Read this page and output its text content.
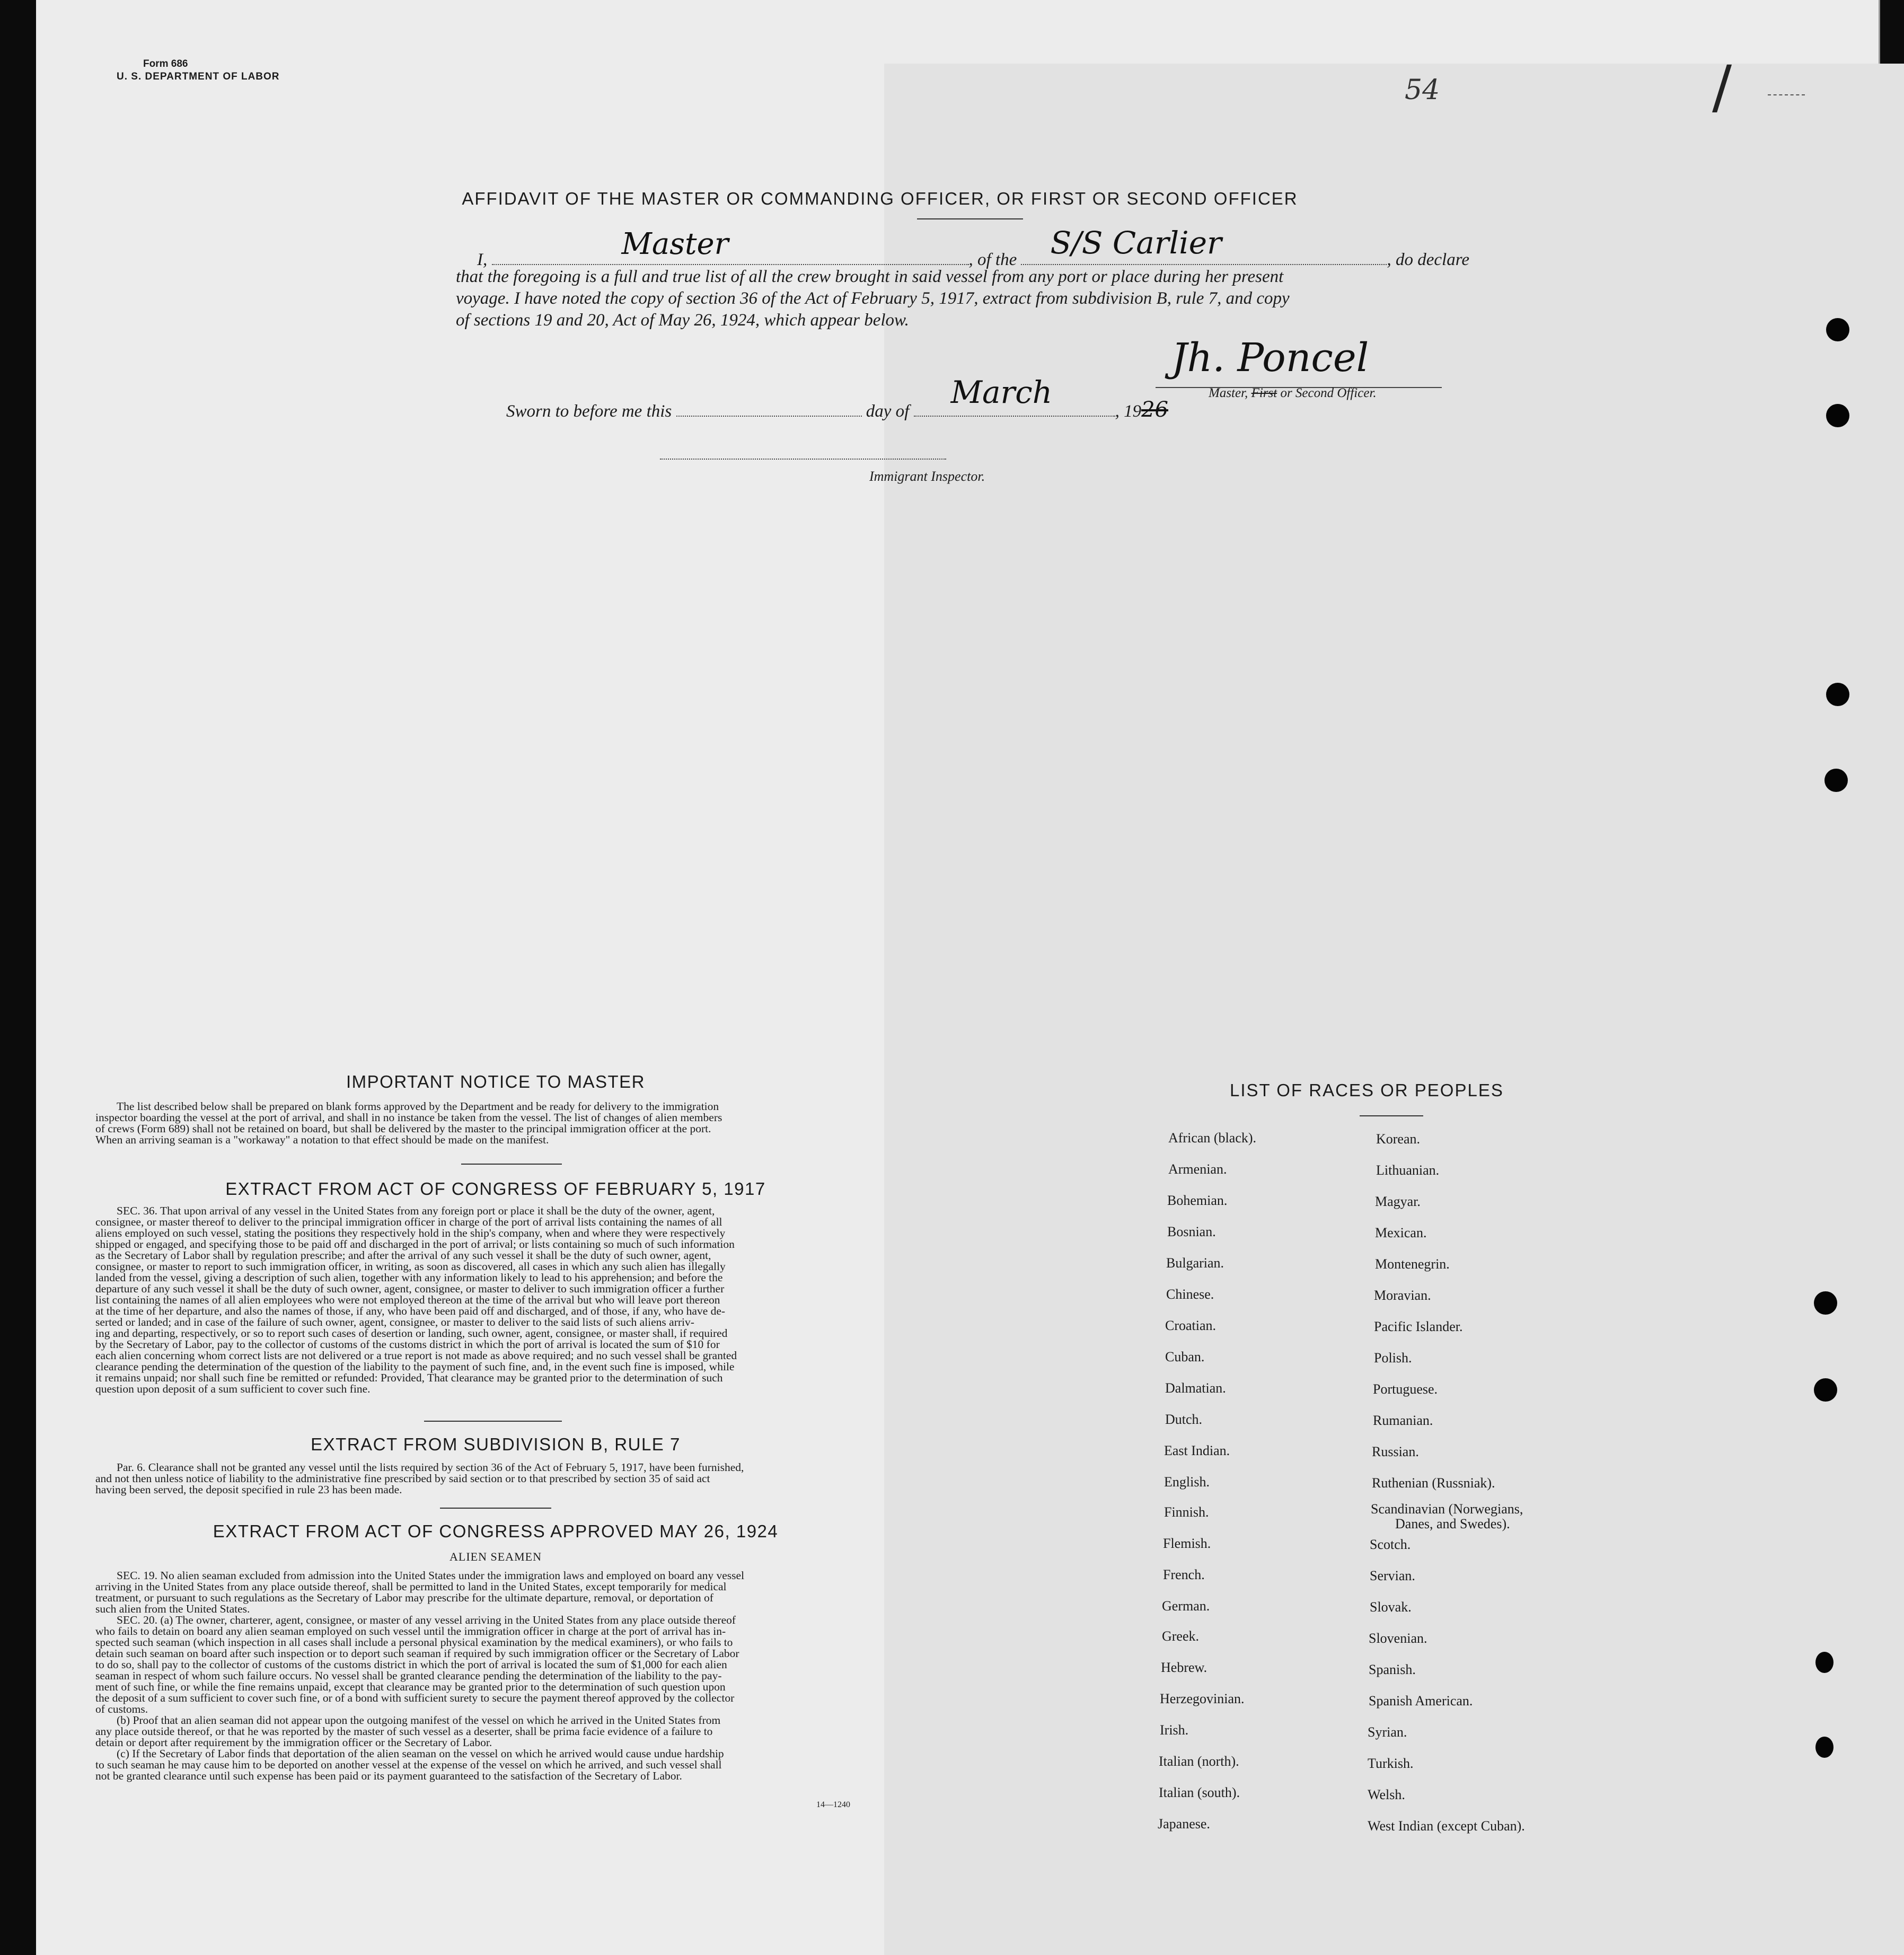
Form 686
U. S. DEPARTMENT OF LABOR	54	/
AFFIDAVIT OF THE MASTER OR COMMANDING OFFICER, OR FIRST OR SECOND OFFICER
I,	Master	, of the S/S Carlier	, do declare
that the foregoing is a full and true list of all the crew brought in said vessel from any port or place during her present
voyage. I have noted the copy of section 36 of the Act of February 5, 1917, extract from subdivision B, rule 7, and copy
of sections 19 and 20, Act of May 26, 1924, which appear below.
Jh. Poncel
Master, First or Second Officer.
Sworn to before me this	day of
March
, 1926
Immigrant Inspector.
IMPORTANT NOTICE TO MASTER
The list described below shall be prepared on blank forms approved by the Department and be ready for delivery to the immigration
inspector boarding the vessel at the port of arrival, and shall in no instance be taken from the vessel. The list of changes of alien members
of crews (Form 689) shall not be retained on board, but shall be delivered by the master to the principal immigration officer at the port.
When an arriving seaman is a "workaway" a notation to that effect should be made on the manifest.
EXTRACT FROM ACT OF CONGRESS OF FEBRUARY 5, 1917
SEC. 36. That upon arrival of any vessel in the United States from any foreign port or place it shall be the duty of the owner, agent,
consignee, or master thereof to deliver to the principal immigration officer in charge of the port of arrival lists containing the names of all
aliens employed on such vessel, stating the positions they respectively hold in the ship's company, when and where they were respectively
shipped or engaged, and specifying those to be paid off and discharged in the port of arrival; or lists containing so much of such information
as the Secretary of Labor shall by regulation prescribe; and after the arrival of any such vessel it shall be the duty of such owner, agent,
consignee, or master to report to such immigration officer, in writing, as soon as discovered, all cases in which any such alien has illegally
landed from the vessel, giving a description of such alien, together with any information likely to lead to his apprehension; and before the
departure of any such vessel it shall be the duty of such owner, agent, consignee, or master to deliver to such immigration officer a further
list containing the names of all alien employees who were not employed thereon at the time of the arrival but who will leave port thereon
at the time of her departure, and also the names of those, if any, who have been paid off and discharged, and of those, if any, who have de-
serted or landed; and in case of the failure of such owner, agent, consignee, or master to deliver to the said lists of such aliens arriv-
ing and departing, respectively, or so to report such cases of desertion or landing, such owner, agent, consignee, or master shall, if required
by the Secretary of Labor, pay to the collector of customs of the customs district in which the port of arrival is located the sum of $10 for
each alien concerning whom correct lists are not delivered or a true report is not made as above required; and no such vessel shall be granted
clearance pending the determination of the question of the liability to the payment of such fine, and, in the event such fine is imposed, while
it remains unpaid; nor shall such fine be remitted or refunded: Provided, That clearance may be granted prior to the determination of such
question upon deposit of a sum sufficient to cover such fine.
EXTRACT FROM SUBDIVISION B, RULE 7
Par. 6. Clearance shall not be granted any vessel until the lists required by section 36 of the Act of February 5, 1917, have been furnished,
and not then unless notice of liability to the administrative fine prescribed by said section or to that prescribed by section 35 of said act
having been served, the deposit specified in rule 23 has been made.
EXTRACT FROM ACT OF CONGRESS APPROVED MAY 26, 1924
ALIEN SEAMEN
SEC. 19. No alien seaman excluded from admission into the United States under the immigration laws and employed on board any vessel
arriving in the United States from any place outside thereof, shall be permitted to land in the United States, except temporarily for medical
treatment, or pursuant to such regulations as the Secretary of Labor may prescribe for the ultimate departure, removal, or deportation of
such alien from the United States.
SEC. 20. (a) The owner, charterer, agent, consignee, or master of any vessel arriving in the United States from any place outside thereof
who fails to detain on board any alien seaman employed on such vessel until the immigration officer in charge at the port of arrival has in-
spected such seaman (which inspection in all cases shall include a personal physical examination by the medical examiners), or who fails to
detain such seaman on board after such inspection or to deport such seaman if required by such immigration officer or the Secretary of Labor
to do so, shall pay to the collector of customs of the customs district in which the port of arrival is located the sum of $1,000 for each alien
seaman in respect of whom such failure occurs. No vessel shall be granted clearance pending the determination of the liability to the pay-
ment of such fine, or while the fine remains unpaid, except that clearance may be granted prior to the determination of such question upon
the deposit of a sum sufficient to cover such fine, or of a bond with sufficient surety to secure the payment thereof approved by the collector
of customs.
(b) Proof that an alien seaman did not appear upon the outgoing manifest of the vessel on which he arrived in the United States from
any place outside thereof, or that he was reported by the master of such vessel as a deserter, shall be prima facie evidence of a failure to
detain or deport after requirement by the immigration officer or the Secretary of Labor.
(c) If the Secretary of Labor finds that deportation of the alien seaman on the vessel on which he arrived would cause undue hardship
to such seaman he may cause him to be deported on another vessel at the expense of the vessel on which he arrived, and such vessel shall
not be granted clearance until such expense has been paid or its payment guaranteed to the satisfaction of the Secretary of Labor.
14—1240
LIST OF RACES OR PEOPLES
African (black).
Armenian.
Bohemian.
Bosnian.
Bulgarian.
Chinese.
Croatian.
Cuban.
Dalmatian.
Dutch.
East Indian.
English.
Finnish.
Flemish.
French.
German.
Greek.
Hebrew.
Herzegovinian.
Irish.
Italian (north).
Italian (south).
Japanese.
Korean.
Lithuanian.
Magyar.
Mexican.
Montenegrin.
Moravian.
Pacific Islander.
Polish.
Portuguese.
Rumanian.
Russian.
Ruthenian (Russniak).
Scandinavian (Norwegians,
Danes, and Swedes).
Scotch.
Servian.
Slovak.
Slovenian.
Spanish.
Spanish American.
Syrian.
Turkish.
Welsh.
West Indian (except Cuban).
